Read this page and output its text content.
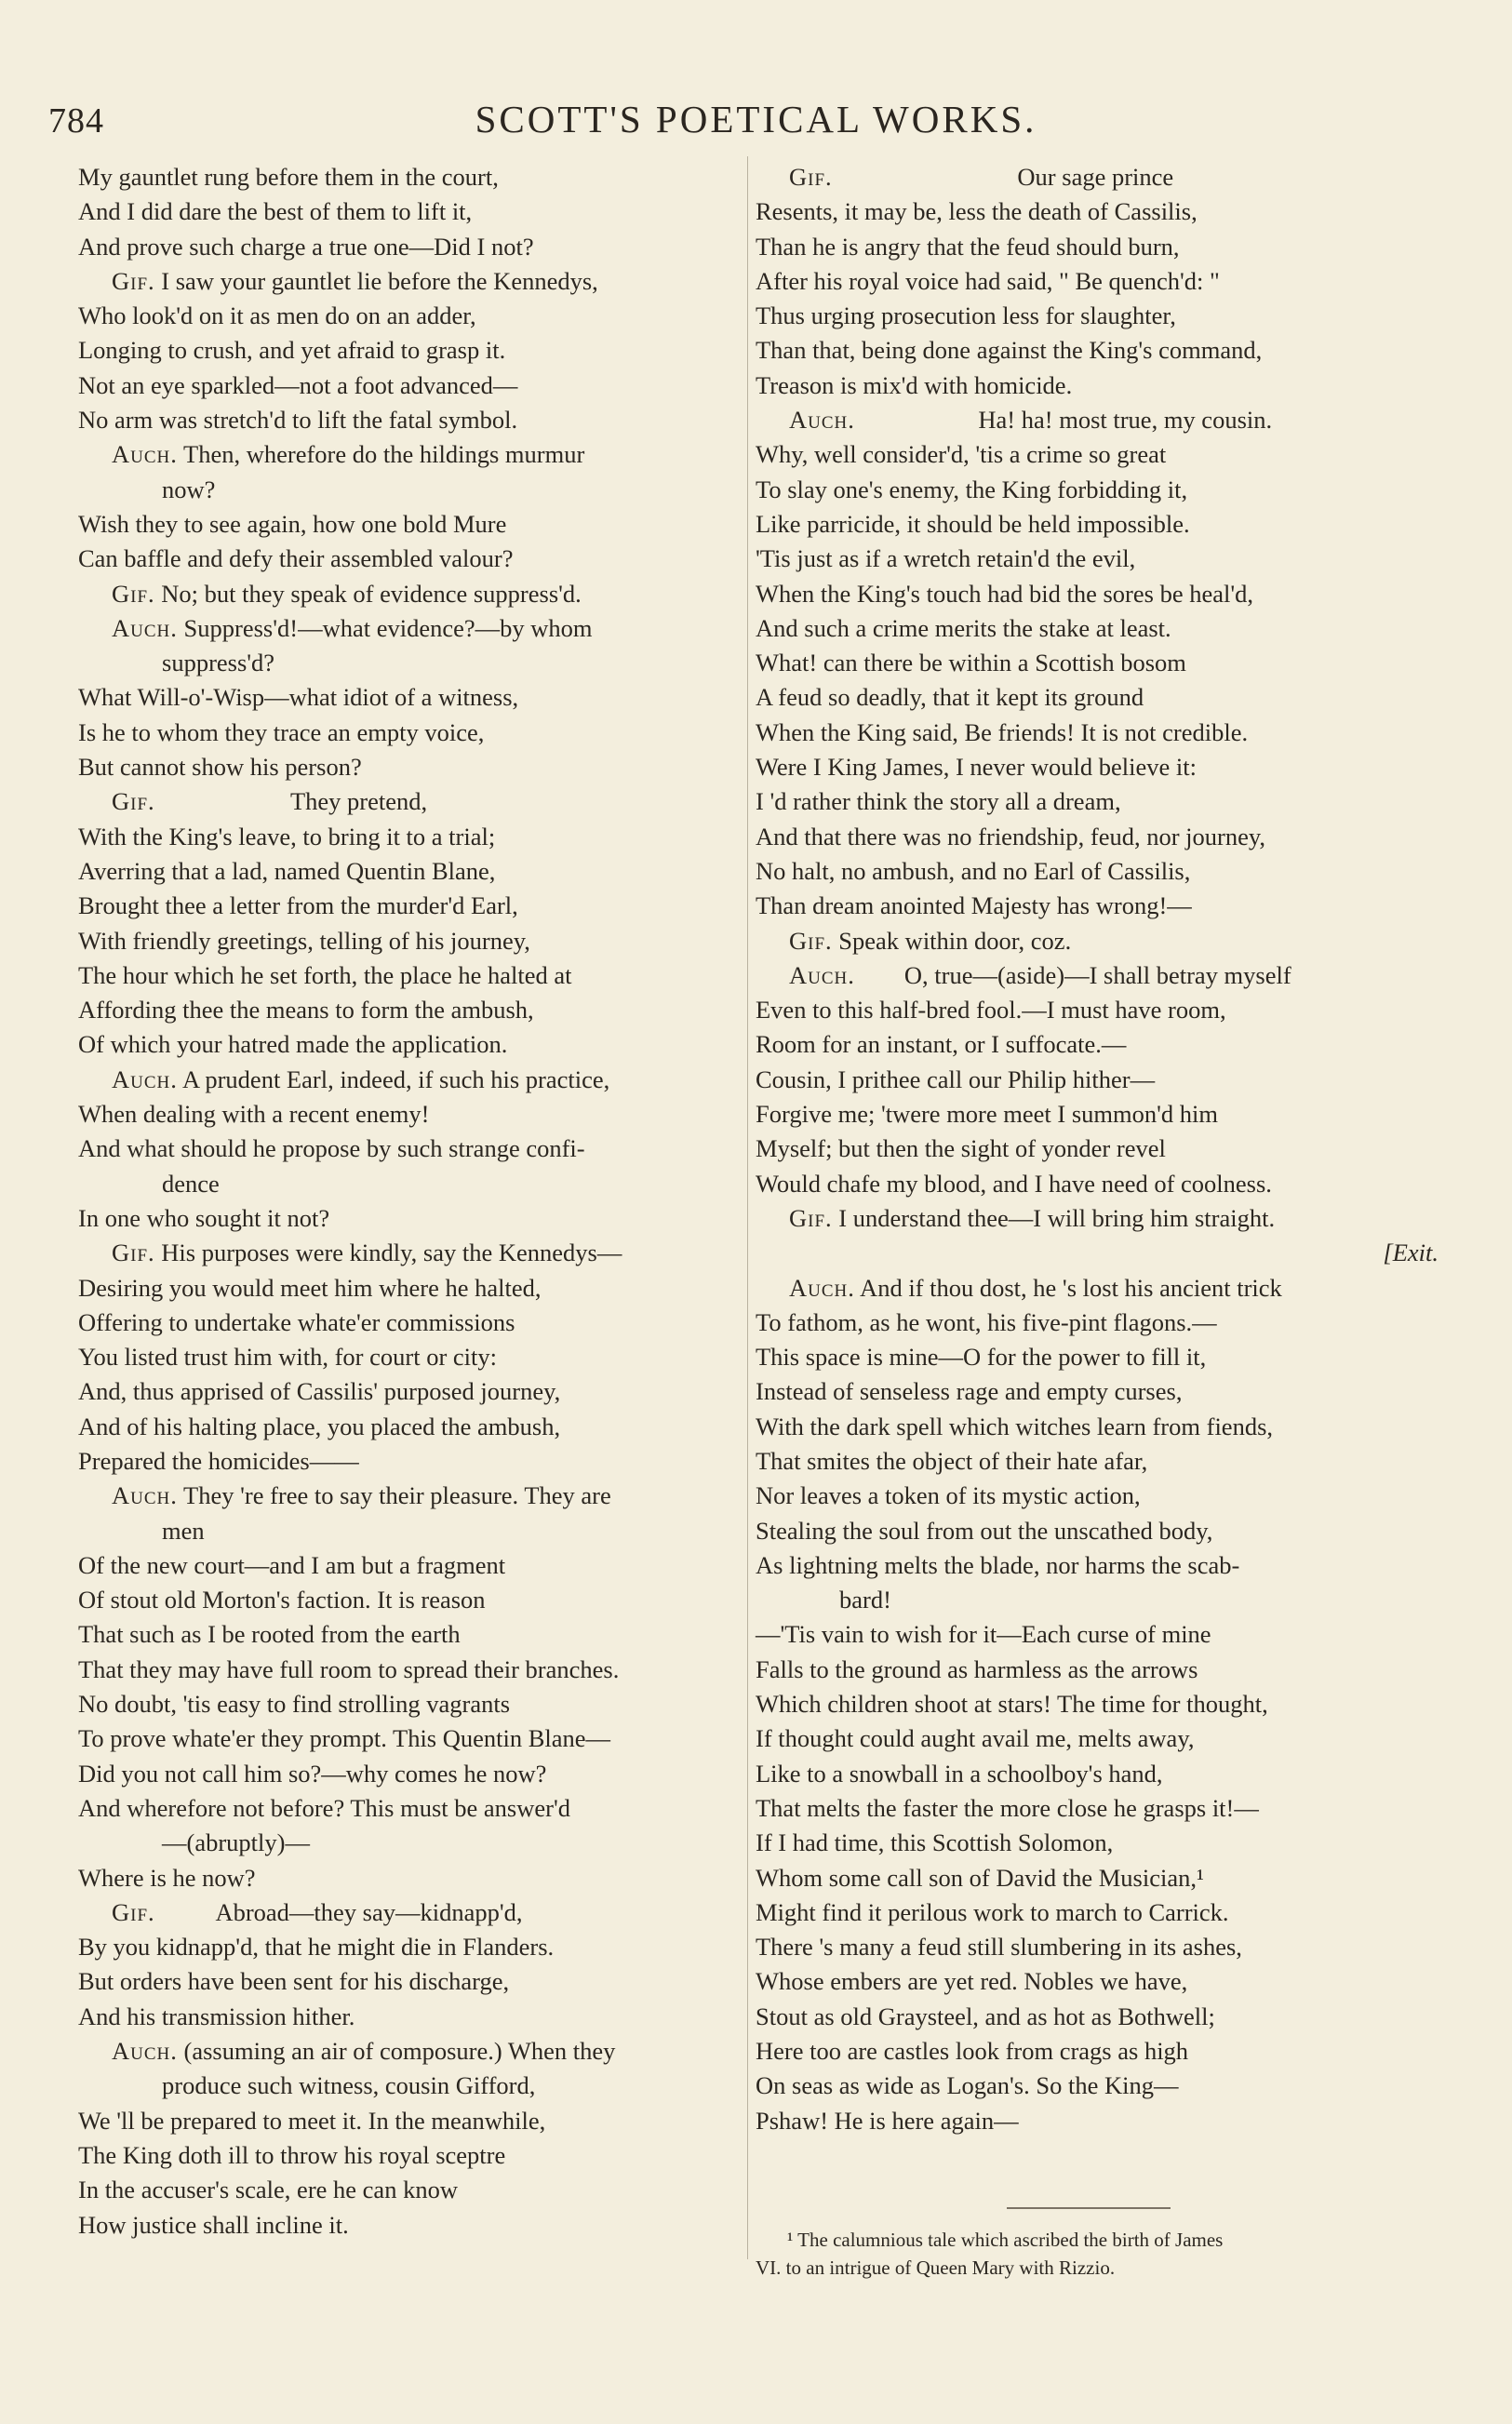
784	SCOTT'S POETICAL WORKS.
My gauntlet rung before them in the court,
And I did dare the best of them to lift it,
And prove such charge a true one—Did I not?
Gif. I saw your gauntlet lie before the Kennedys,
Who look'd on it as men do on an adder,
Longing to crush, and yet afraid to grasp it.
Not an eye sparkled—not a foot advanced—
No arm was stretch'd to lift the fatal symbol.
Auch. Then, wherefore do the hildings murmur
now?
Wish they to see again, how one bold Mure
Can baffle and defy their assembled valour?
Gif. No; but they speak of evidence suppress'd.
Auch. Suppress'd!—what evidence?—by whom
suppress'd?
What Will-o'-Wisp—what idiot of a witness,
Is he to whom they trace an empty voice,
But cannot show his person?
Gif.                      They pretend,
With the King's leave, to bring it to a trial;
Averring that a lad, named Quentin Blane,
Brought thee a letter from the murder'd Earl,
With friendly greetings, telling of his journey,
The hour which he set forth, the place he halted at
Affording thee the means to form the ambush,
Of which your hatred made the application.
Auch. A prudent Earl, indeed, if such his practice,
When dealing with a recent enemy!
And what should he propose by such strange confi-
dence
In one who sought it not?
Gif. His purposes were kindly, say the Kennedys—
Desiring you would meet him where he halted,
Offering to undertake whate'er commissions
You listed trust him with, for court or city:
And, thus apprised of Cassilis' purposed journey,
And of his halting place, you placed the ambush,
Prepared the homicides——
Auch. They 're free to say their pleasure. They are
men
Of the new court—and I am but a fragment
Of stout old Morton's faction. It is reason
That such as I be rooted from the earth
That they may have full room to spread their branches.
No doubt, 'tis easy to find strolling vagrants
To prove whate'er they prompt. This Quentin Blane—
Did you not call him so?—why comes he now?
And wherefore not before? This must be answer'd
—(abruptly)—
Where is he now?
Gif.          Abroad—they say—kidnapp'd,
By you kidnapp'd, that he might die in Flanders.
But orders have been sent for his discharge,
And his transmission hither.
Auch. (assuming an air of composure.) When they
produce such witness, cousin Gifford,
We 'll be prepared to meet it. In the meanwhile,
The King doth ill to throw his royal sceptre
In the accuser's scale, ere he can know
How justice shall incline it.
Gif.                              Our sage prince
Resents, it may be, less the death of Cassilis,
Than he is angry that the feud should burn,
After his royal voice had said, " Be quench'd: "
Thus urging prosecution less for slaughter,
Than that, being done against the King's command,
Treason is mix'd with homicide.
Auch.                    Ha! ha! most true, my cousin.
Why, well consider'd, 'tis a crime so great
To slay one's enemy, the King forbidding it,
Like parricide, it should be held impossible.
'Tis just as if a wretch retain'd the evil,
When the King's touch had bid the sores be heal'd,
And such a crime merits the stake at least.
What! can there be within a Scottish bosom
A feud so deadly, that it kept its ground
When the King said, Be friends! It is not credible.
Were I King James, I never would believe it:
I 'd rather think the story all a dream,
And that there was no friendship, feud, nor journey,
No halt, no ambush, and no Earl of Cassilis,
Than dream anointed Majesty has wrong!—
Gif. Speak within door, coz.
Auch.        O, true—(aside)—I shall betray myself
Even to this half-bred fool.—I must have room,
Room for an instant, or I suffocate.—
Cousin, I prithee call our Philip hither—
Forgive me; 'twere more meet I summon'd him
Myself; but then the sight of yonder revel
Would chafe my blood, and I have need of coolness.
Gif. I understand thee—I will bring him straight.
[Exit.
Auch. And if thou dost, he 's lost his ancient trick
To fathom, as he wont, his five-pint flagons.—
This space is mine—O for the power to fill it,
Instead of senseless rage and empty curses,
With the dark spell which witches learn from fiends,
That smites the object of their hate afar,
Nor leaves a token of its mystic action,
Stealing the soul from out the unscathed body,
As lightning melts the blade, nor harms the scab-
bard!
—'Tis vain to wish for it—Each curse of mine
Falls to the ground as harmless as the arrows
Which children shoot at stars! The time for thought,
If thought could aught avail me, melts away,
Like to a snowball in a schoolboy's hand,
That melts the faster the more close he grasps it!—
If I had time, this Scottish Solomon,
Whom some call son of David the Musician,¹
Might find it perilous work to march to Carrick.
There 's many a feud still slumbering in its ashes,
Whose embers are yet red. Nobles we have,
Stout as old Graysteel, and as hot as Bothwell;
Here too are castles look from crags as high
On seas as wide as Logan's. So the King—
Pshaw! He is here again—
¹ The calumnious tale which ascribed the birth of James
VI. to an intrigue of Queen Mary with Rizzio.
